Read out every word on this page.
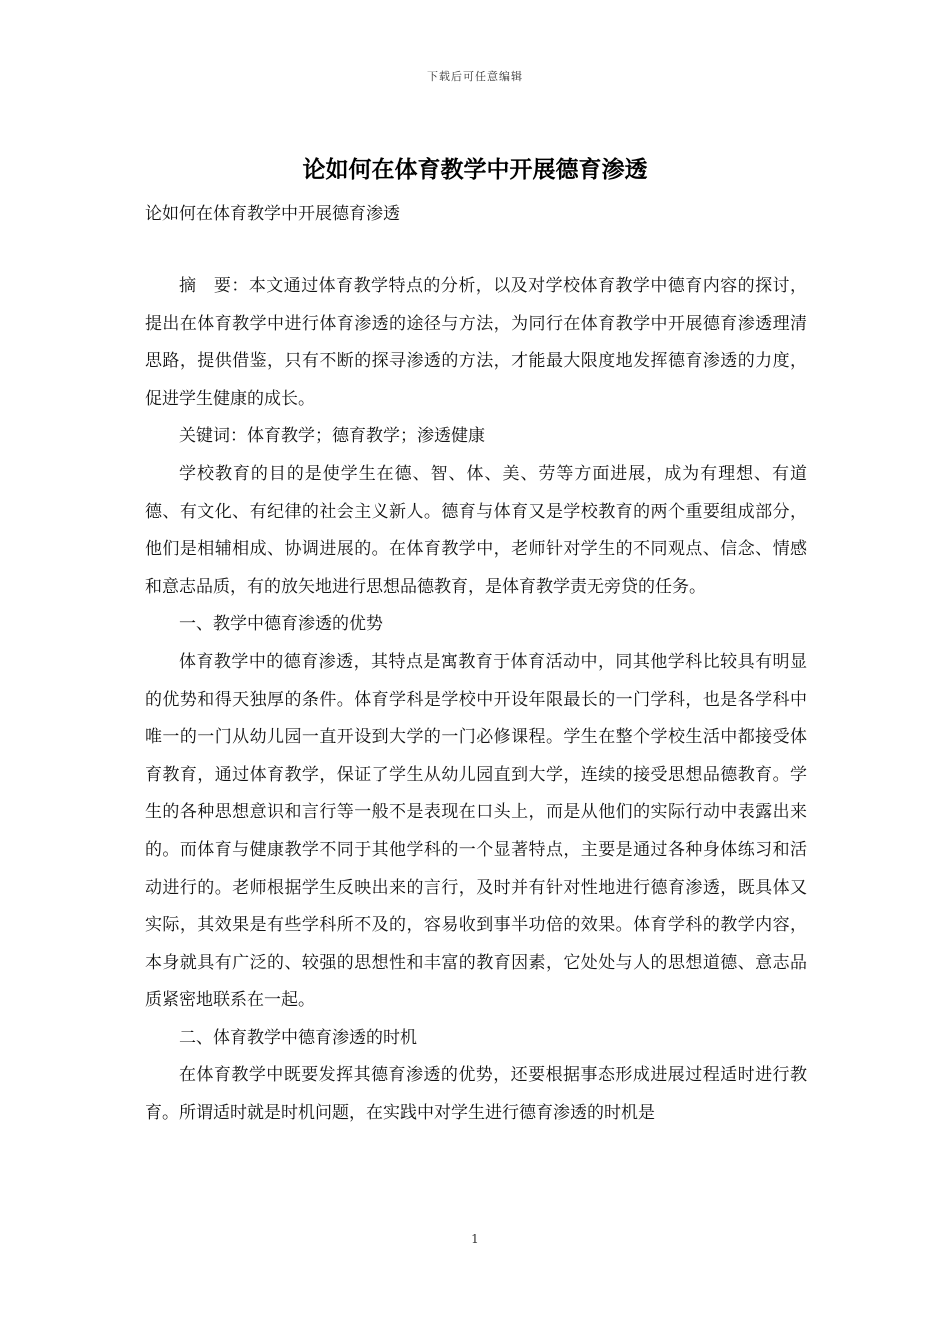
下载后可任意编辑
论如何在体育教学中开展德育渗透

论如何在体育教学中开展德育渗透

摘　要：本文通过体育教学特点的分析，以及对学校体育教学中德育内容的探讨，提出在体育教学中进行体育渗透的途径与方法，为同行在体育教学中开展德育渗透理清思路，提供借鉴，只有不断的探寻渗透的方法，才能最大限度地发挥德育渗透的力度，促进学生健康的成长。

关键词：体育教学；德育教学；渗透健康

学校教育的目的是使学生在德、智、体、美、劳等方面进展，成为有理想、有道德、有文化、有纪律的社会主义新人。德育与体育又是学校教育的两个重要组成部分，他们是相辅相成、协调进展的。在体育教学中，老师针对学生的不同观点、信念、情感和意志品质，有的放矢地进行思想品德教育，是体育教学责无旁贷的任务。

一、教学中德育渗透的优势

体育教学中的德育渗透，其特点是寓教育于体育活动中，同其他学科比较具有明显的优势和得天独厚的条件。体育学科是学校中开设年限最长的一门学科，也是各学科中唯一的一门从幼儿园一直开设到大学的一门必修课程。学生在整个学校生活中都接受体育教育，通过体育教学，保证了学生从幼儿园直到大学，连续的接受思想品德教育。学生的各种思想意识和言行等一般不是表现在口头上，而是从他们的实际行动中表露出来的。而体育与健康教学不同于其他学科的一个显著特点，主要是通过各种身体练习和活动进行的。老师根据学生反映出来的言行，及时并有针对性地进行德育渗透，既具体又实际，其效果是有些学科所不及的，容易收到事半功倍的效果。体育学科的教学内容，本身就具有广泛的、较强的思想性和丰富的教育因素，它处处与人的思想道德、意志品质紧密地联系在一起。

二、体育教学中德育渗透的时机

在体育教学中既要发挥其德育渗透的优势，还要根据事态形成进展过程适时进行教育。所谓适时就是时机问题，在实践中对学生进行德育渗透的时机是

1
